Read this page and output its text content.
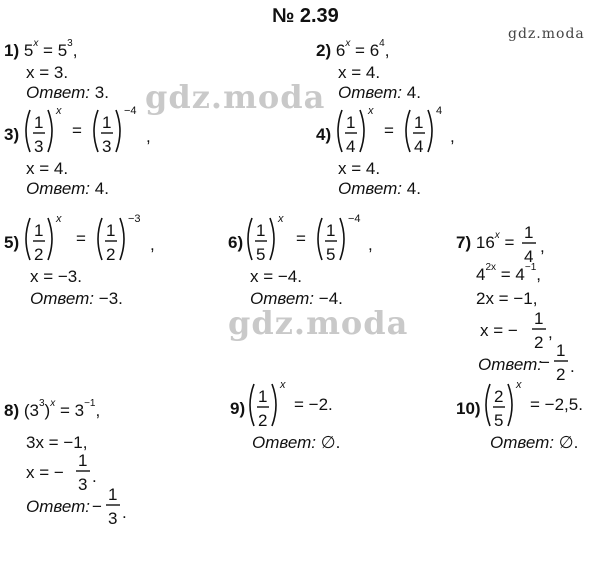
№ 2.39
gdz.moda
gdz.moda
gdz.moda
1) $5^x = 5^3$,
x = 3.
Ответ: 3.
2) $6^x = 6^4$,
x = 4.
Ответ: 4.
3)
1
3
x
= 1
3
−4
,
x = 4.
Ответ: 4.
4)
1
4
x
= 1
4
4
,
x = 4.
Ответ: 4.
5)
1
2
x
= 1
2
−3
,
x = −3.
Ответ: −3.
6)
1
5
x
= 1
5
−4
,
x = −4.
Ответ: −4.
7) $16^x$ =
1
4
,
$4^{2x} = 4^{-1}$,
2x = −1,
x = −
1
2
,
Ответ:
−
1
2 .
8) $(3^3)^x = 3^{-1}$,
3x = −1,
x = −
1
3 .
Ответ: −
1
3 .
9)
1
2
x
= −2.
Ответ: ∅.
10)
2
5
x
= −2,5.
Ответ: ∅.
